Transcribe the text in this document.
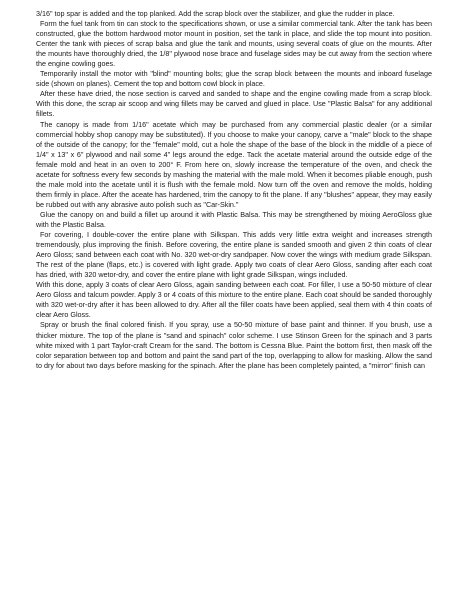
3/16" top spar is added and the top planked. Add the scrap block over the stabilizer, and glue the rudder in place.

Form the fuel tank from tin can stock to the specifications shown, or use a similar commercial tank. After the tank has been constructed, glue the bottom hardwood motor mount in position, set the tank in place, and slide the top mount into position. Center the tank with pieces of scrap balsa and glue the tank and mounts, using several coats of glue on the mounts. After the mounts have thoroughly dried, the 1/8" plywood nose brace and fuselage sides may be cut away from the section where the engine cowling goes.

Temporarily install the motor with "blind" mounting bolts; glue the scrap block between the mounts and inboard fuselage side (shown on planes). Cement the top and bottom cowl block in place.

After these have dried, the nose section is carved and sanded to shape and the engine cowling made from a scrap block. With this done, the scrap air scoop and wing fillets may be carved and glued in place. Use "Plastic Balsa" for any additional fillets.

The canopy is made from 1/16" acetate which may be purchased from any commercial plastic dealer (or a similar commercial hobby shop canopy may be substituted). If you choose to make your canopy, carve a "male" block to the shape of the outside of the canopy; for the "female" mold, cut a hole the shape of the base of the block in the middle of a piece of 1/4" x 13" x 6" plywood and nail some 4" legs around the edge. Tack the acetate material around the outside edge of the female mold and heat in an oven to 200° F. From here on, slowly increase the temperature of the oven, and check the acetate for softness every few seconds by mashing the material with the male mold. When it becomes pliable enough, push the male mold into the acetate until it is flush with the female mold. Now turn off the oven and remove the molds, holding them firmly in place. After the aceate has hardened, trim the canopy to fit the plane. If any "blushes" appear, they may easily be rubbed out with any abrasive auto polish such as "Car-Skin."

Glue the canopy on and build a fillet up around it with Plastic Balsa. This may be strengthened by mixing AeroGloss glue with the Plastic Balsa.

For covering, I double-cover the entire plane with Silkspan. This adds very little extra weight and increases strength tremendously, plus improving the finish. Before covering, the entire plane is sanded smooth and given 2 thin coats of clear Aero Gloss; sand between each coat with No. 320 wet-or-dry sandpaper. Now cover the wings with medium grade Silkspan. The rest of the plane (flaps, etc.) is covered with light grade. Apply two coats of clear Aero Gloss, sanding after each coat has dried, with 320 wetor-dry, and cover the entire plane with light grade Silkspan, wings included.

With this done, apply 3 coats of clear Aero Gloss, again sanding between each coat. For filler, I use a 50-50 mixture of clear Aero Gloss and talcum powder. Apply 3 or 4 coats of this mixture to the entire plane. Each coat should be sanded thoroughly with 320 wet-or-dry after it has been allowed to dry. After all the filler coats have been applied, seal them with 4 thin coats of clear Aero Gloss.

Spray or brush the final colored finish. If you spray, use a 50-50 mixture of base paint and thinner. If you brush, use a thicker mixture. The top of the plane is "sand and spinach" color scheme. I use Stinson Green for the spinach and 3 parts white mixed with 1 part Taylor-craft Cream for the sand. The bottom is Cessna Blue. Paint the bottom first, then mask off the color separation between top and bottom and paint the sand part of the top, overlapping to allow for masking. Allow the sand to dry for about two days before masking for the spinach. After the plane has been completely painted, a "mirror" finish can
